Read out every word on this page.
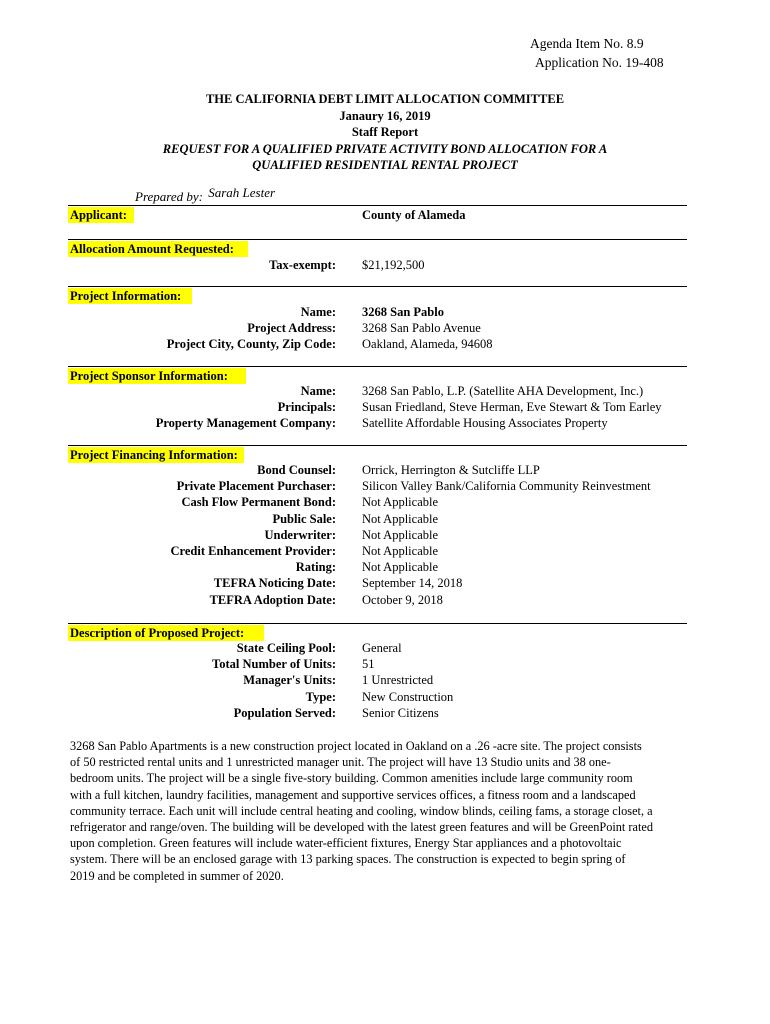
Agenda Item No. 8.9
Application No. 19-408
THE CALIFORNIA DEBT LIMIT ALLOCATION COMMITTEE
Janaury 16, 2019
Staff Report
REQUEST FOR A QUALIFIED PRIVATE ACTIVITY BOND ALLOCATION FOR A
QUALIFIED RESIDENTIAL RENTAL PROJECT
Prepared by: Sarah Lester
Applicant:	County of Alameda
Allocation Amount Requested:
Tax-exempt: $21,192,500
Project Information:
Name:
Project Address:
Project City, County, Zip Code:
3268 San Pablo
3268 San Pablo Avenue
Oakland, Alameda, 94608
Project Sponsor Information:
Name:
Principals:
Property Management Company:
3268 San Pablo, L.P. (Satellite AHA Development, Inc.)
Susan Friedland, Steve Herman, Eve Stewart & Tom Earley
Satellite Affordable Housing Associates Property
Project Financing Information:
Bond Counsel:
Private Placement Purchaser:
Cash Flow Permanent Bond:
Public Sale:
Underwriter:
Credit Enhancement Provider:
Rating:
TEFRA Noticing Date:
TEFRA Adoption Date:
Orrick, Herrington & Sutcliffe LLP
Silicon Valley Bank/California Community Reinvestment
Not Applicable
Not Applicable
Not Applicable
Not Applicable
Not Applicable
September 14, 2018
October 9, 2018
Description of Proposed Project:
State Ceiling Pool:
Total Number of Units:
Manager's Units:
Type:
Population Served:
General
51
1 Unrestricted
New Construction
Senior Citizens
3268 San Pablo Apartments is a new construction project located in Oakland on a .26 -acre site. The project consists
of 50 restricted rental units and 1 unrestricted manager unit. The project will have 13 Studio units and 38 one-
bedroom units. The project will be a single five-story building. Common amenities include large community room
with a full kitchen, laundry facilities, management and supportive services offices, a fitness room and a landscaped
community terrace. Each unit will include central heating and cooling, window blinds, ceiling fams, a storage closet, a
refrigerator and range/oven. The building will be developed with the latest green features and will be GreenPoint rated
upon completion. Green features will include water-efficient fixtures, Energy Star appliances and a photovoltaic
system. There will be an enclosed garage with 13 parking spaces. The construction is expected to begin spring of
2019 and be completed in summer of 2020.
